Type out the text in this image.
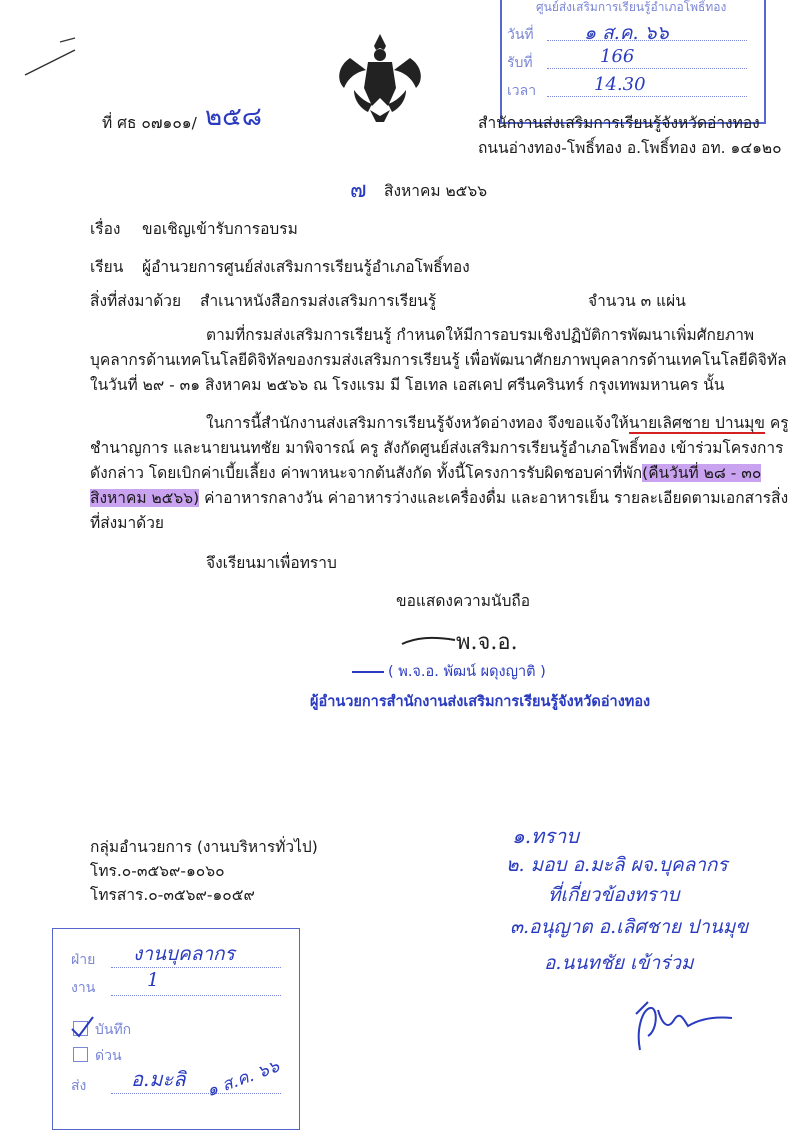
ศูนย์ส่งเสริมการเรียนรู้อำเภอโพธิ์ทอง
วันที่	๑ ส.ค. ๖๖
รับที่	166
เวลา	14.30
ที่ ศธ ๐๗๑๐๑/ ๒๕๘	สำนักงานส่งเสริมการเรียนรู้จังหวัดอ่างทอง
ถนนอ่างทอง-โพธิ์ทอง อ.โพธิ์ทอง อท. ๑๔๑๒๐
๗ สิงหาคม ๒๕๖๖
เรื่อง ขอเชิญเข้ารับการอบรม
เรียน ผู้อำนวยการศูนย์ส่งเสริมการเรียนรู้อำเภอโพธิ์ทอง
สิ่งที่ส่งมาด้วย สำเนาหนังสือกรมส่งเสริมการเรียนรู้	จำนวน ๓ แผ่น
ตามที่กรมส่งเสริมการเรียนรู้ กำหนดให้มีการอบรมเชิงปฏิบัติการพัฒนาเพิ่มศักยภาพ
บุคลากรด้านเทคโนโลยีดิจิทัลของกรมส่งเสริมการเรียนรู้ เพื่อพัฒนาศักยภาพบุคลากรด้านเทคโนโลยีดิจิทัล
ในวันที่ ๒๙ - ๓๑ สิงหาคม ๒๕๖๖ ณ โรงแรม มี โฮเทล เอสเคป ศรีนครินทร์ กรุงเทพมหานคร นั้น
ในการนี้สำนักงานส่งเสริมการเรียนรู้จังหวัดอ่างทอง จึงขอแจ้งให้นายเลิศชาย ปานมุข ครู
ชำนาญการ และนายนนทชัย มาพิจารณ์ ครู สังกัดศูนย์ส่งเสริมการเรียนรู้อำเภอโพธิ์ทอง เข้าร่วมโครงการ
ดังกล่าว โดยเบิกค่าเบี้ยเลี้ยง ค่าพาหนะจากต้นสังกัด ทั้งนี้โครงการรับผิดชอบค่าที่พัก(คืนวันที่ ๒๘ - ๓๐
สิงหาคม ๒๕๖๖) ค่าอาหารกลางวัน ค่าอาหารว่างและเครื่องดื่ม และอาหารเย็น รายละเอียดตามเอกสารสิ่ง
ที่ส่งมาด้วย
จึงเรียนมาเพื่อทราบ
ขอแสดงความนับถือ
พ.จ.อ.
( พ.จ.อ. พัฒน์ ผดุงญาติ )
ผู้อำนวยการสำนักงานส่งเสริมการเรียนรู้จังหวัดอ่างทอง
กลุ่มอำนวยการ (งานบริหารทั่วไป)
โทร.๐-๓๕๖๙-๑๐๖๐
โทรสาร.๐-๓๕๖๙-๑๐๕๙
๑.ทราบ
๒. มอบ อ.มะลิ ผจ.บุคลากร
ที่เกี่ยวข้องทราบ
๓.อนุญาต อ.เลิศชาย ปานมุข
อ.นนทชัย เข้าร่วม
ฝ่าย งานบุคลากร
งาน	1
บันทึก
ด่วน
ส่ง อ.มะลิ ๑ ส.ค. ๖๖
